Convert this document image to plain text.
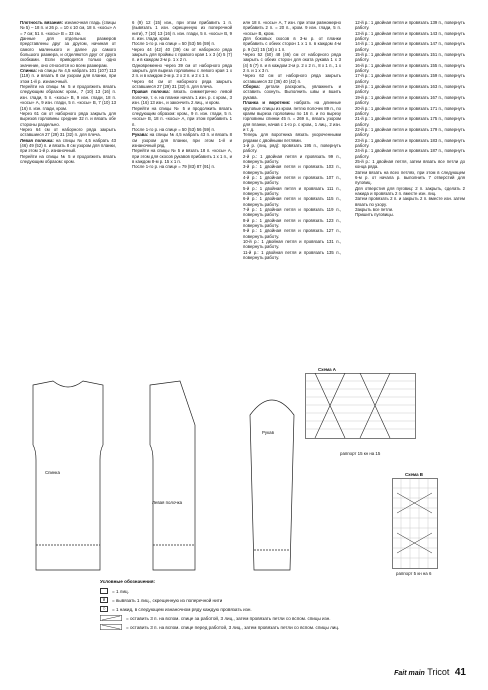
Плотность вязания: изнаночная гладь (спицы № 5) – 18 п. и 26 р. = 10 х 10 см, 18 п. «косы» А = 7 см; 51 п. «косы» В = 33 см.

Данные для отдельных размеров представлены друг за другом, начиная от самого маленького и далее до самого большого размера, и отделяются друг от друга скобками. Если приводится только одно значение, оно относится ко всем размерам.

Спинка: на спицы № 4,5 набрать 101 (107) 113 (119) п. и вязать 8 см узором для планки, при этом 1-й р. изнаночный.

Перейти на спицы № 5 и продолжить вязать следующим образом: кром., 7 (10) 13 (16) п. изн. глади, 5 п. «косы» В, 9 изн. глади, 18 п. «косы» А, 9 изн. глади, 5 п. «косы» В, 7 (10) 13 (16) п. изн. глади, кром.

Через 61 см от наборного ряда закрыть для вырезов горловины средние 32 п. и вязать обе стороны раздельно.

Через 64 см от наборного ряда закрыть оставшиеся 27 (29) 31 (32) п. для плеча.

Левая полочка: на спицы № 4,5 набрать 43 (46) 49 (52) п. и вязать 8 см узором для планки, при этом 1-й р. изнаночный.

Перейти на спицы № 5 и продолжить вязать следующим образом: кром.

6 (9) 12 (15) изн., при этом прибавить 1 п. (вывязать 1 изн. скрещенную из поперечной нити), 7 (10) 13 (16) п. изн. глади, 5 п. «косы» В, 9 п. изн. глади, кром.

После 1-го р. на спице = 50 (53) 56 (59) п.

Через 44 (42) 40 (39) см от наборного ряда закрыть для проймы с правого края 1 х 3 (4) 5 (7) п. и в каждом 2-м р. 1 х 2 п.

Одновременно через 39 см от наборного ряда закрыть для выреза горловины с левого края 1 х 2 п. и в каждом 2-м р. 2 х 2 п. и 2 х 1 п.

Через 64 см от наборного ряда закрыть оставшиеся 27 (29) 31 (32) п. для плеча.

Правая полочка: вязать симметрично левой полочке, т. е. на планке начать 1 изн. р. с кром., 3 изн. (16) 13 изн., и закончить 2 лиц., и кром.

Перейти на спицы № 5 и продолжить вязать следующим образом: кром., 9 п. изн. глади, 5 п. «косы» В, 18 п. «косы» А, при этом прибавить 1 п.

После 1-го р. на спице = 50 (53) 56 (59) п.

Рукава: на спицы № 4,5 набрать 43 п. и вязать 8 см узором для планки, при этом 1-й и изнаночный ряд.

Перейти на спицы № 5 и вязать 18 п. «косы» А, при этом для скосов рукавов прибавить 1 х 1 п., и в каждом 8-м р. 15 х 1 п.

После 1-го р. на спице = 79 (83) 87 (91) п.

илн 18 п. «косы» А, 7 изн. при этом равномерно прибавить 2 п. = 20 п., кром. 9 изн. глади, 5 п. «косы» В, кром.

Для боковых скосов в 3-м р. от планки прибавить с обеих сторон 1 х 1 п. в каждом 4-м р. 9 (12) 15 (18) х 1 п.

Через 52 (50) 48 (46) см от наборного ряда закрыть с обеих сторон для окатa рукава 1 х 3 (4) 5 (7) п. и в каждом 2-м р. 2 х 2 п., 8 х 1 п., 1 х 2 п. и 1 х 3 п.

Через 62 см от наборного ряда закрыть оставшиеся 32 (36) 40 (42) п.

Сборка: детали раскроить, увлажнить и оставить сохнуть. Выполнить швы и вшить рукава.

Планка и воротник: набрать на длинные круговые спицы из кром. петлю полочек 89 п., по краям выреза горловины по 16 п. и по вырезу горловины спинки 45 п. = 269 п., вязать узором для планки, начав с 1-го р. с кром., 1 лиц., 2 изн. и т. д.

Теперь для воротника вязать укороченными рядами с двойными петлями.

1-й р. (лиц. ряд): провязать 195 п., повернуть работу.

2-й р.: 1 двойная петля и провязать 99 п., повернуть работу.

3-й р.: 1 двойная петля и провязать 103 п., повернуть работу.

4-й р.: 1 двойная петля и провязать 107 п., повернуть работу.

5-й р.: 1 двойная петля и провязать 111 п., повернуть работу.

6-й р.: 1 двойная петля и провязать 115 п., повернуть работу.

7-й р.: 1 двойная петля и провязать 119 п., повернуть работу.

8-й р.: 1 двойная петля и провязать 123 п., повернуть работу.

9-й р.: 1 двойная петля и провязать 127 п., повернуть работу.

10-й р.: 1 двойная петля и провязать 131 п., повернуть работу.

11-й р.: 1 двойная петля и провязать 135 п., повернуть работу.

12-й р.: 1 двойная петля и провязать 139 п., повернуть работу.

13-й р.: 1 двойная петля и провязать 143 п., повернуть работу.

14-й р.: 1 двойная петля и провязать 147 п., повернуть работу.

15-й р.: 1 двойная петля и провязать 151 п., повернуть работу.

16-й р.: 1 двойная петля и провязать 155 п., повернуть работу.

17-й р.: 1 двойная петля и провязать 159 п., повернуть работу.

18-й р.: 1 двойная петля и провязать 163 п., повернуть работу.

19-й р.: 1 двойная петля и провязать 167 п., повернуть работу.

20-й р.: 1 двойная петля и провязать 171 п., повернуть работу.

21-й р.: 1 двойная петля и провязать 175 п., повернуть работу.

22-й р.: 1 двойная петля и провязать 179 п., повернуть работу.

23-й р.: 1 двойная петля и провязать 183 п., повернуть работу.

24-й р.: 1 двойная петля и провязать 187 п., повернуть работу.

25-й р.: 1 двойная петля, затем вязать все петли до конца ряда.

Затем вязать на всех петлях, при этом в следующем 6-м р. от начала р. выполнить 7 отверстий для пуговиц.

Для отверстия для пуговиц: 2 п. закрыть, сделать 2 накида и провязать 2 п. вместе изн. лиц.

Затем провязать 2 п. и закрыть 2 п. вместе изн. затем вязать по узору.

Закрыть все петли.

Пришить пуговицы.

Спинка
Левая полочка
Рукав
Схема А
раппорт 15 кн на 15
Схема В
раппорт 5 кн на 6
Условные обозначения:
= 1 лиц.
∨	= вывязать 1 лиц., скрещенную из поперечной нити
○	= 1 накид, в следующем изнаночном ряду каждую провязать изн.
= оставить 3 п. на вспом. спице за работой, 3 лиц., затем провязать петли со вспом. спицы изн.
= оставить 3 п. на вспом. спице перед работой, 3 лиц., затем провязать петли со вспом. спицы лиц.
Fait main Tricot 41
